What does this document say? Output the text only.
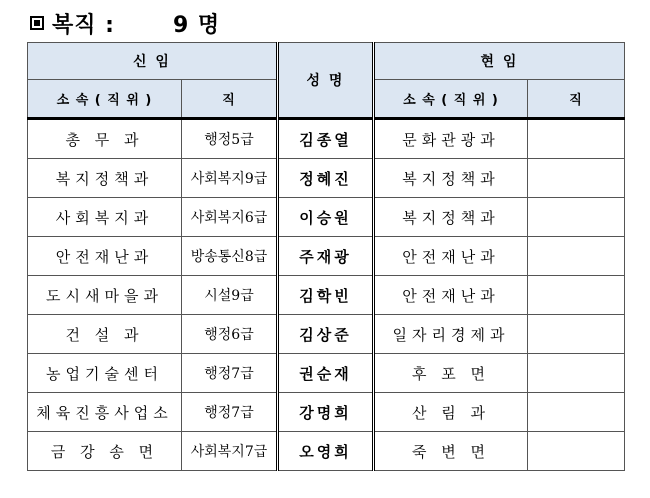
복직 :	9 명
신 임		성 명	현 임	
소 속 ( 직 위 )	직		소 속 ( 직 위 )	직
총 무 과	행정5급	김종열	문화관광과	
복지정책과	사회복지9급	정혜진	복지정책과	
사회복지과	사회복지6급	이승원	복지정책과	
안전재난과	방송통신8급	주재광	안전재난과	
도시새마을과	시설9급	김학빈	안전재난과	
건 설 과	행정6급	김상준	일자리경제과	
농업기술센터	행정7급	권순재	후 포 면	
체육진흥사업소	행정7급	강명희	산 림 과	
금 강 송 면	사회복지7급	오영희	죽 변 면	
